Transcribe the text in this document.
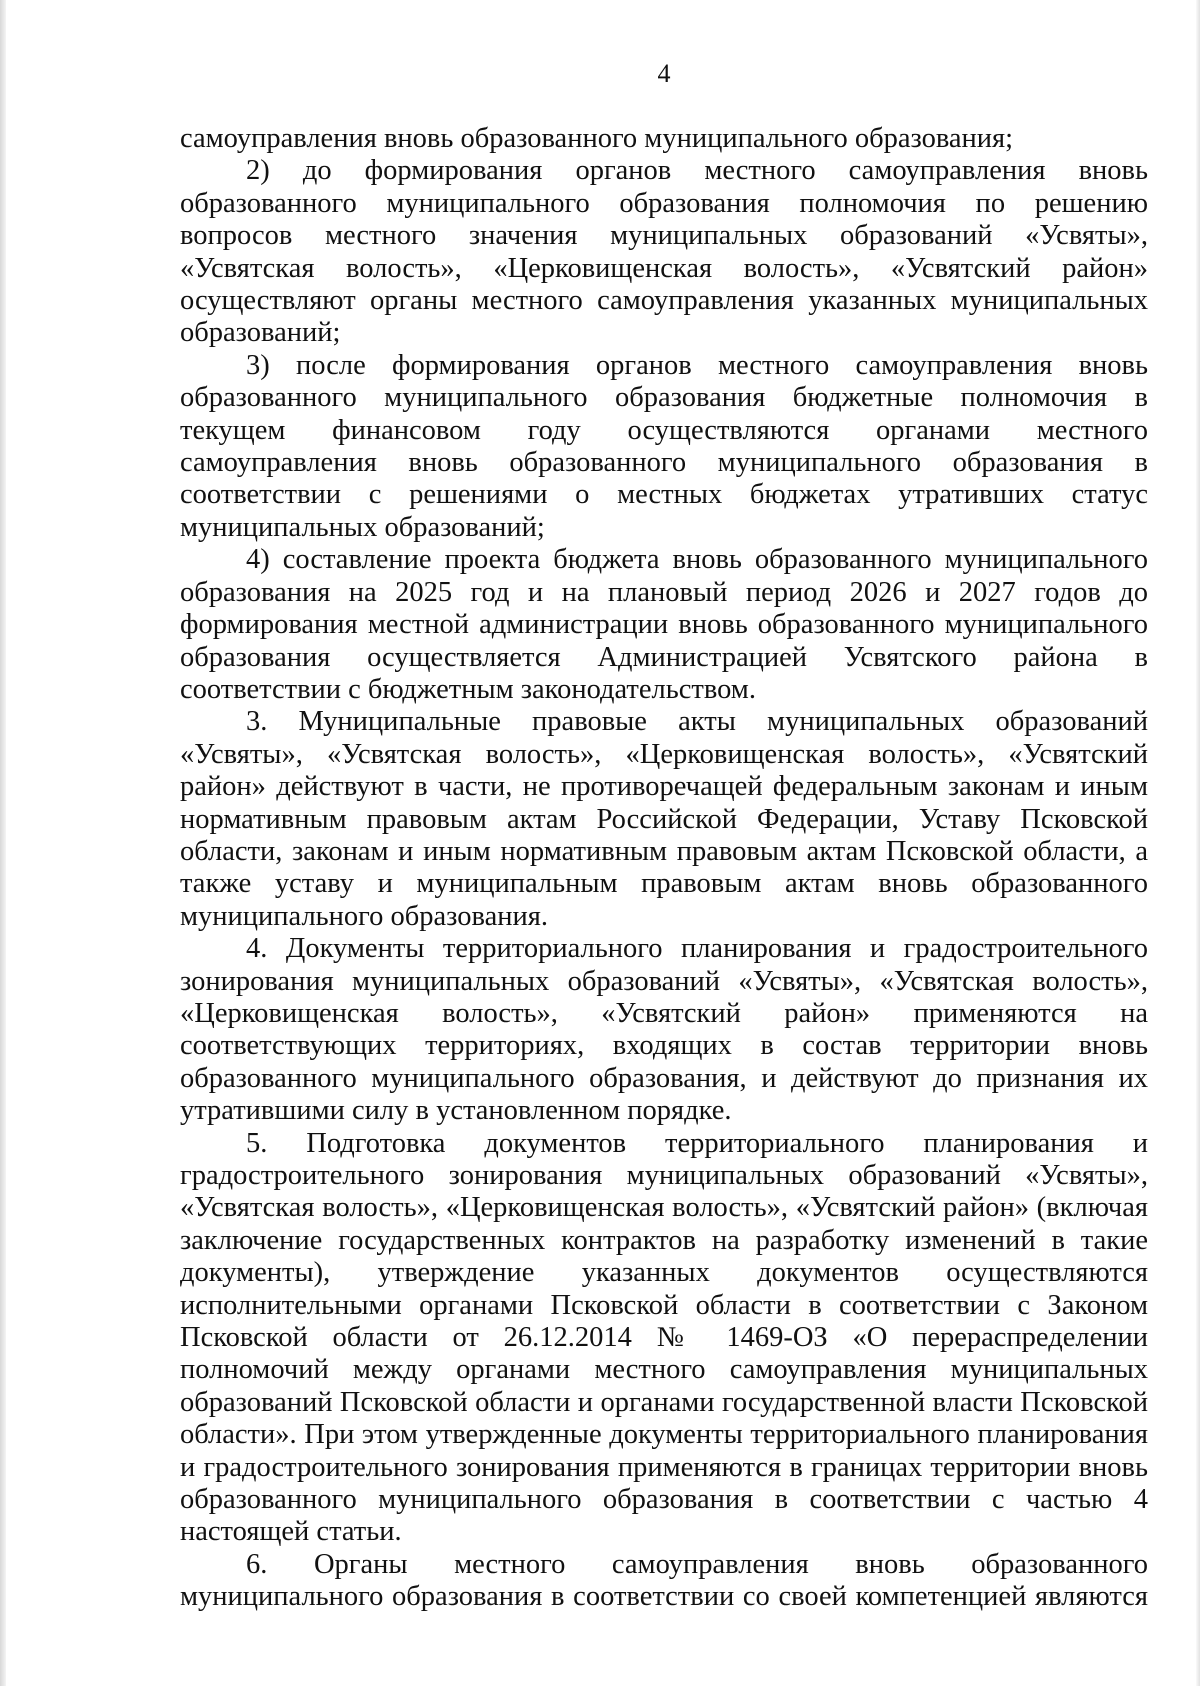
4

самоуправления вновь образованного муниципального образования;

2) до формирования органов местного самоуправления вновь образованного муниципального образования полномочия по решению вопросов местного значения муниципальных образований «Усвяты», «Усвятская волость», «Церковищенская волость», «Усвятский район» осуществляют органы местного самоуправления указанных муниципальных образований;

3) после формирования органов местного самоуправления вновь образованного муниципального образования бюджетные полномочия в текущем финансовом году осуществляются органами местного самоуправления вновь образованного муниципального образования в соответствии с решениями о местных бюджетах утративших статус муниципальных образований;

4) составление проекта бюджета вновь образованного муниципального образования на 2025 год и на плановый период 2026 и 2027 годов до формирования местной администрации вновь образованного муниципального образования осуществляется Администрацией Усвятского района в соответствии с бюджетным законодательством.

3. Муниципальные правовые акты муниципальных образований «Усвяты», «Усвятская волость», «Церковищенская волость», «Усвятский район» действуют в части, не противоречащей федеральным законам и иным нормативным правовым актам Российской Федерации, Уставу Псковской области, законам и иным нормативным правовым актам Псковской области, а также уставу и муниципальным правовым актам вновь образованного муниципального образования.

4. Документы территориального планирования и градостроительного зонирования муниципальных образований «Усвяты», «Усвятская волость», «Церковищенская волость», «Усвятский район» применяются на соответствующих территориях, входящих в состав территории вновь образованного муниципального образования, и действуют до признания их утратившими силу в установленном порядке.

5. Подготовка документов территориального планирования и градостроительного зонирования муниципальных образований «Усвяты», «Усвятская волость», «Церковищенская волость», «Усвятский район» (включая заключение государственных контрактов на разработку изменений в такие документы), утверждение указанных документов осуществляются исполнительными органами Псковской области в соответствии с Законом Псковской области от 26.12.2014 № 1469-ОЗ «О перераспределении полномочий между органами местного самоуправления муниципальных образований Псковской области и органами государственной власти Псковской области». При этом утвержденные документы территориального планирования и градостроительного зонирования применяются в границах территории вновь образованного муниципального образования в соответствии с частью 4 настоящей статьи.

6. Органы местного самоуправления вновь образованного муниципального образования в соответствии со своей компетенцией являются
